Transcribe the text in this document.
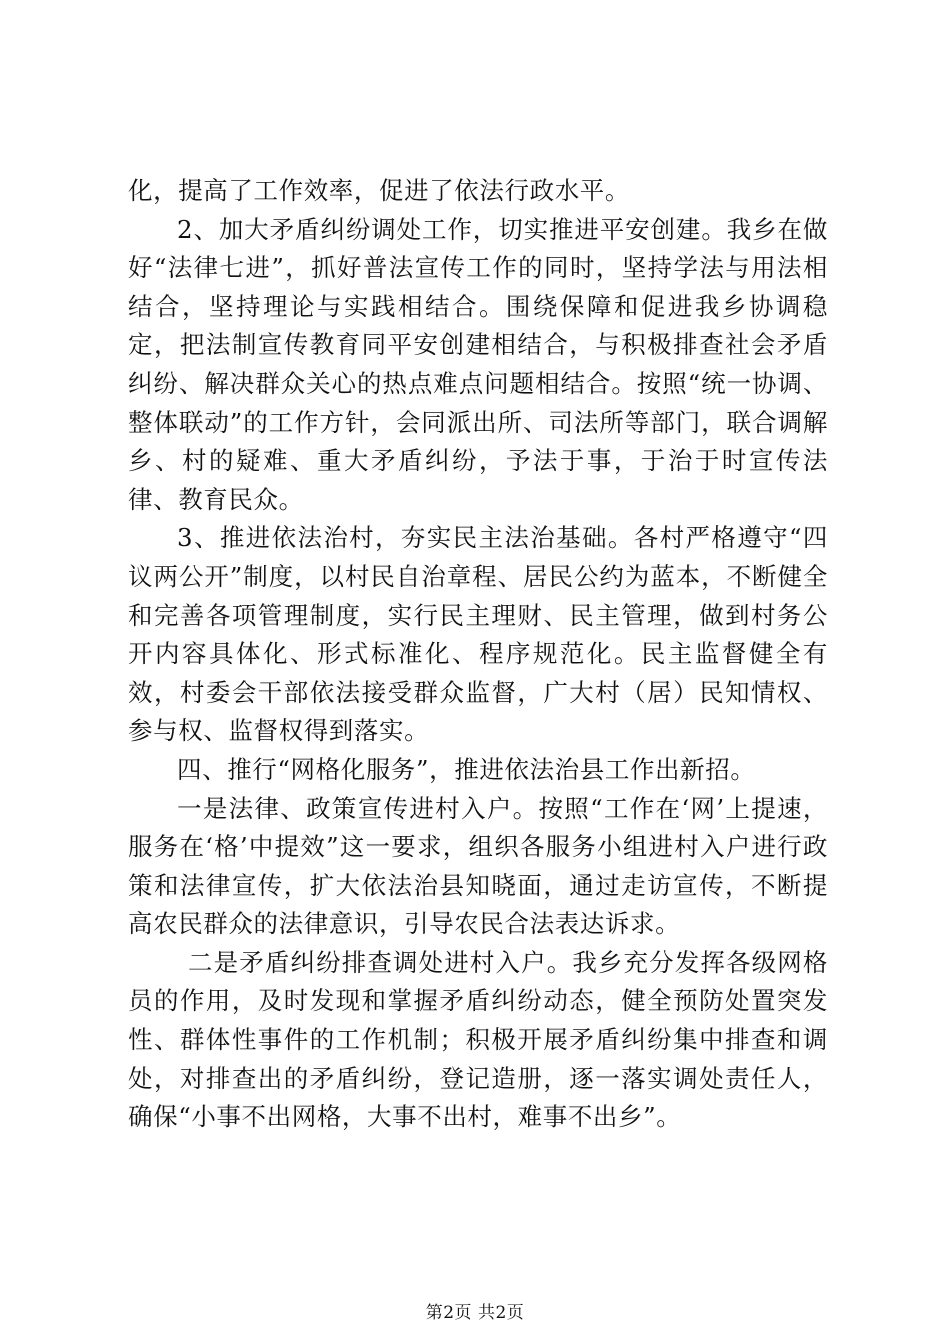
化，提高了工作效率，促进了依法行政水平。

2、加大矛盾纠纷调处工作，切实推进平安创建。我乡在做好“法律七进”，抓好普法宣传工作的同时，坚持学法与用法相结合，坚持理论与实践相结合。围绕保障和促进我乡协调稳定，把法制宣传教育同平安创建相结合，与积极排查社会矛盾纠纷、解决群众关心的热点难点问题相结合。按照“统一协调、整体联动”的工作方针，会同派出所、司法所等部门，联合调解乡、村的疑难、重大矛盾纠纷，予法于事，于治于时宣传法律、教育民众。

3、推进依法治村，夯实民主法治基础。各村严格遵守“四议两公开”制度，以村民自治章程、居民公约为蓝本，不断健全和完善各项管理制度，实行民主理财、民主管理，做到村务公开内容具体化、形式标准化、程序规范化。民主监督健全有效，村委会干部依法接受群众监督，广大村（居）民知情权、参与权、监督权得到落实。

四、推行“网格化服务”，推进依法治县工作出新招。

一是法律、政策宣传进村入户。按照“工作在‘网’上提速，服务在‘格’中提效”这一要求，组织各服务小组进村入户进行政策和法律宣传，扩大依法治县知晓面，通过走访宣传，不断提高农民群众的法律意识，引导农民合法表达诉求。

二是矛盾纠纷排查调处进村入户。我乡充分发挥各级网格员的作用，及时发现和掌握矛盾纠纷动态，健全预防处置突发性、群体性事件的工作机制；积极开展矛盾纠纷集中排查和调处，对排查出的矛盾纠纷，登记造册，逐一落实调处责任人，确保“小事不出网格，大事不出村，难事不出乡”。

第2页 共2页
